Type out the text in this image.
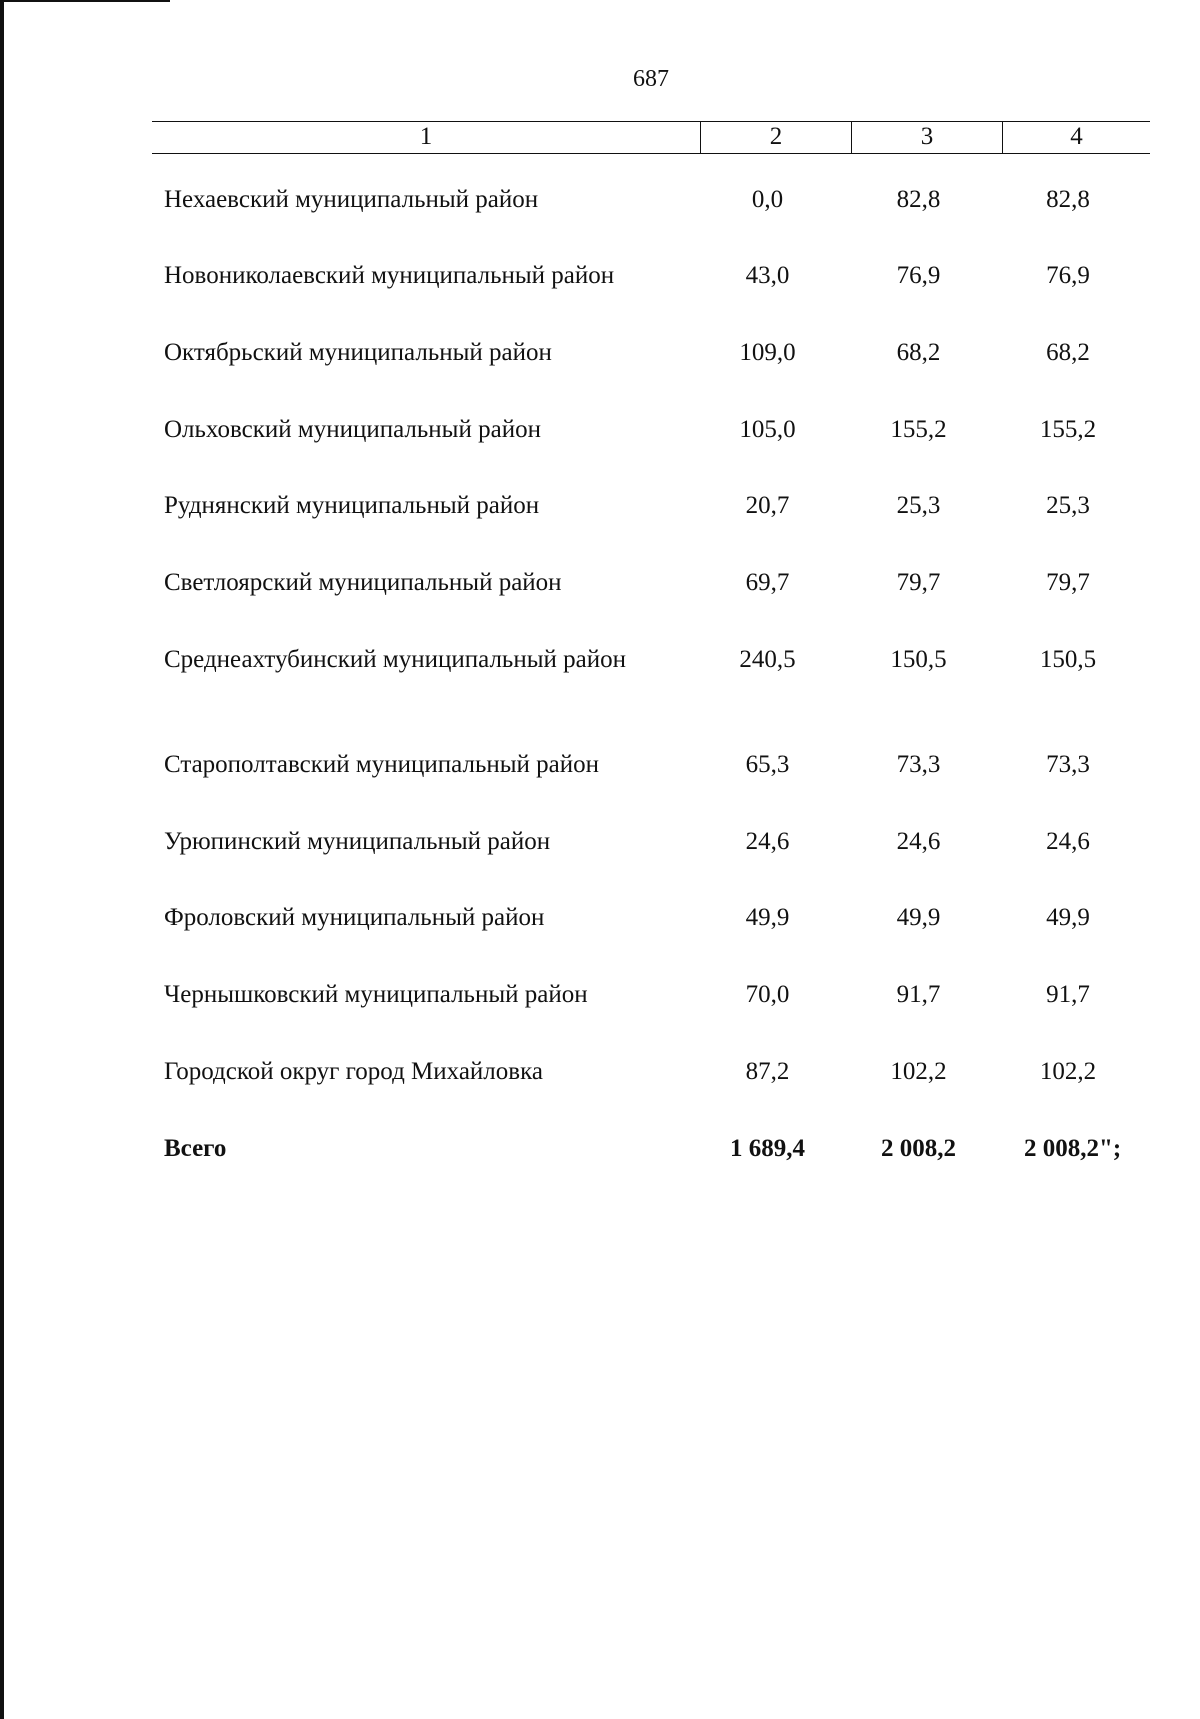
687
1	2	3	4
Нехаевский муниципальный район	0,0	82,8	82,8
Новониколаевский муниципальный район	43,0	76,9	76,9
Октябрьский муниципальный район	109,0	68,2	68,2
Ольховский муниципальный район	105,0	155,2	155,2
Руднянский муниципальный район	20,7	25,3	25,3
Светлоярский муниципальный район	69,7	79,7	79,7
Среднеахтубинский муниципальный район	240,5	150,5	150,5
Старополтавский муниципальный район	65,3	73,3	73,3
Урюпинский муниципальный район	24,6	24,6	24,6
Фроловский муниципальный район	49,9	49,9	49,9
Чернышковский муниципальный район	70,0	91,7	91,7
Городской округ город Михайловка	87,2	102,2	102,2
Всего	1 689,4	2 008,2	2 008,2";
